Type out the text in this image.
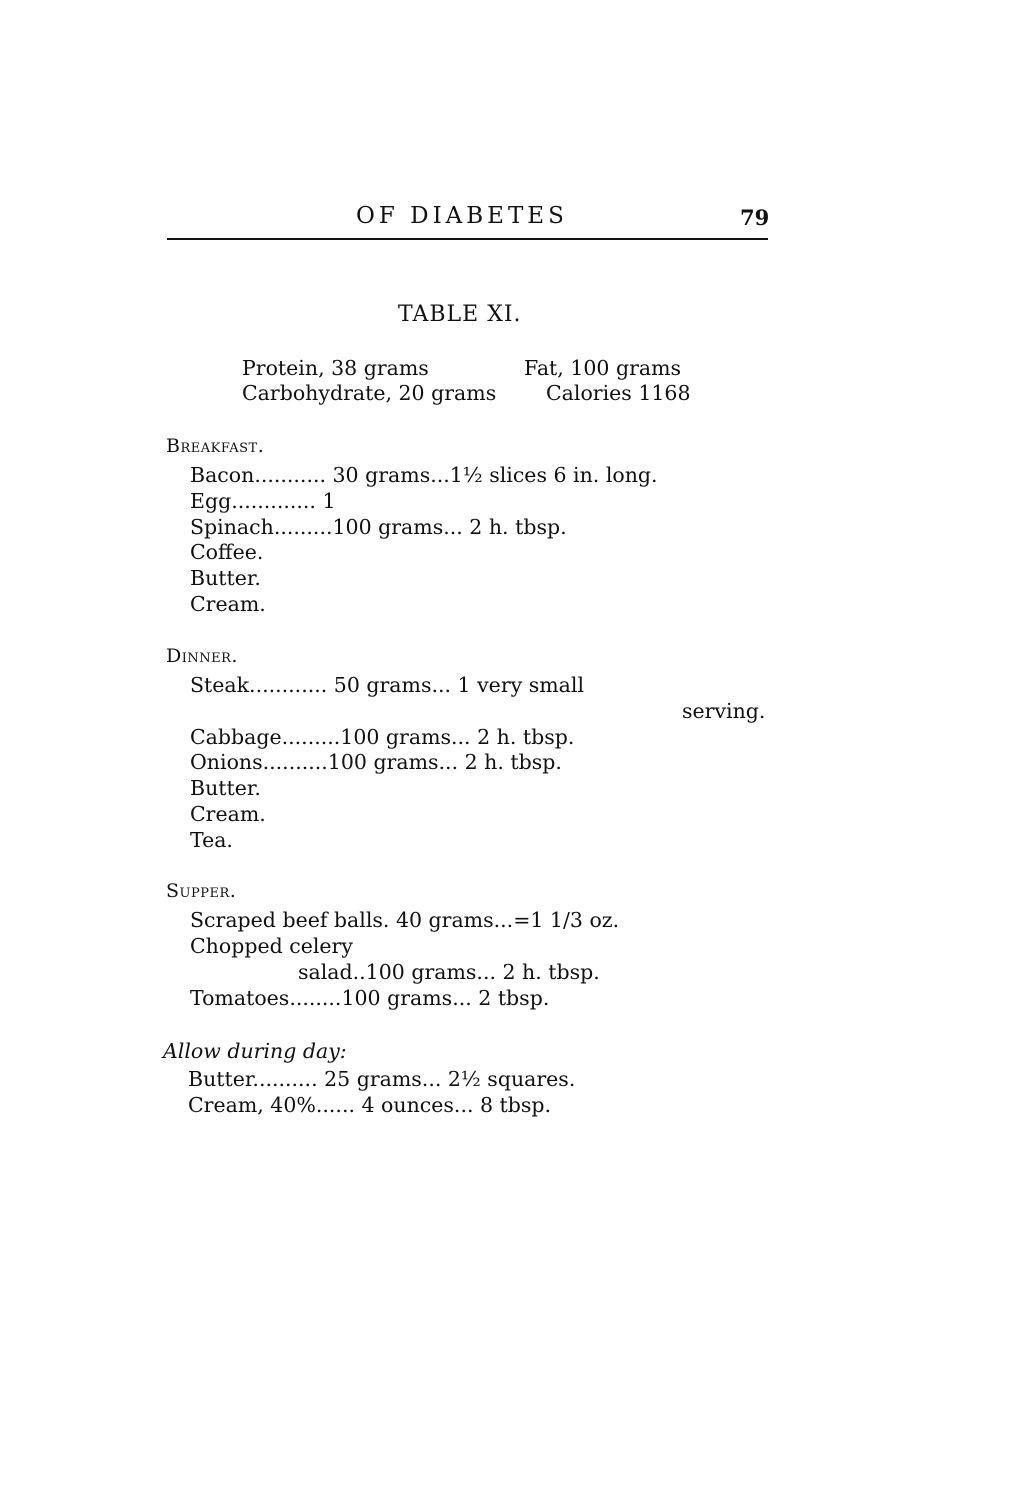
OF DIABETES	79
TABLE XI.
Protein, 38 grams	Fat, 100 grams
Carbohydrate, 20 grams Calories 1168
Breakfast.
Bacon........... 30 grams...1½ slices 6 in. long.
Egg............. 1
Spinach.........100 grams... 2 h. tbsp.
Coffee.
Butter.
Cream.
Dinner.
Steak............ 50 grams... 1 very small
serving.
Cabbage.........100 grams... 2 h. tbsp.
Onions..........100 grams... 2 h. tbsp.
Butter.
Cream.
Tea.
Supper.
Scraped beef balls. 40 grams...=1 1/3 oz.
Chopped celery
salad..100 grams... 2 h. tbsp.
Tomatoes........100 grams... 2 tbsp.
Allow during day:
Butter.......... 25 grams... 2½ squares.
Cream, 40%...... 4 ounces... 8 tbsp.
